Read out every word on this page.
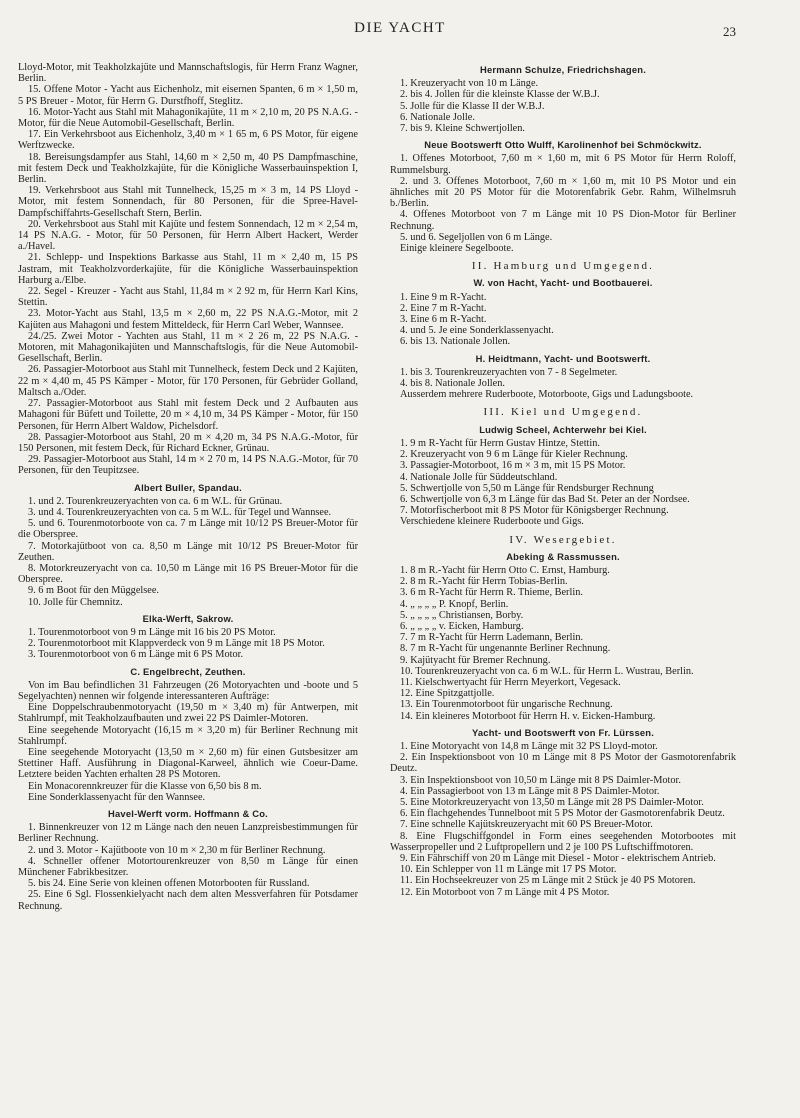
DIE YACHT	23

Lloyd-Motor, mit Teakholzkajüte und Mannschaftslogis, für Herrn Franz Wagner, Berlin.

15. Offene Motor - Yacht aus Eichenholz, mit eisernen Spanten, 6 m × 1,50 m, 5 PS Breuer - Motor, für Herrn G. Durstfhoff, Steglitz.

16. Motor-Yacht aus Stahl mit Mahagonikajüte, 11 m × 2,10 m, 20 PS N.A.G. - Motor, für die Neue Automobil-Gesellschaft, Berlin.

17. Ein Verkehrsboot aus Eichenholz, 3,40 m × 1 65 m, 6 PS Motor, für eigene Werftzwecke.

18. Bereisungsdampfer aus Stahl, 14,60 m × 2,50 m, 40 PS Dampfmaschine, mit festem Deck und Teakholzkajüte, für die Königliche Wasserbauinspektion I, Berlin.

19. Verkehrsboot aus Stahl mit Tunnelheck, 15,25 m × 3 m, 14 PS Lloyd - Motor, mit festem Sonnendach, für 80 Personen, für die Spree-Havel-Dampfschiffahrts-Gesellschaft Stern, Berlin.

20. Verkehrsboot aus Stahl mit Kajüte und festem Sonnendach, 12 m × 2,54 m, 14 PS N.A.G. - Motor, für 50 Personen, für Herrn Albert Hackert, Werder a./Havel.

21. Schlepp- und Inspektions Barkasse aus Stahl, 11 m × 2,40 m, 15 PS Jastram, mit Teakholzvorderkajüte, für die Königliche Wasserbauinspektion Harburg a./Elbe.

22. Segel - Kreuzer - Yacht aus Stahl, 11,84 m × 2 92 m, für Herrn Karl Kins, Stettin.

23. Motor-Yacht aus Stahl, 13,5 m × 2,60 m, 22 PS N.A.G.-Motor, mit 2 Kajüten aus Mahagoni und festem Mitteldeck, für Herrn Carl Weber, Wannsee.

24./25. Zwei Motor - Yachten aus Stahl, 11 m × 2 26 m, 22 PS N.A.G. - Motoren, mit Mahagonikajüten und Mannschaftslogis, für die Neue Automobil-Gesellschaft, Berlin.

26. Passagier-Motorboot aus Stahl mit Tunnelheck, festem Deck und 2 Kajüten, 22 m × 4,40 m, 45 PS Kämper - Motor, für 170 Personen, für Gebrüder Golland, Maltsch a./Oder.

27. Passagier-Motorboot aus Stahl mit festem Deck und 2 Aufbauten aus Mahagoni für Büfett und Toilette, 20 m × 4,10 m, 34 PS Kämper - Motor, für 150 Personen, für Herrn Albert Waldow, Pichelsdorf.

28. Passagier-Motorboot aus Stahl, 20 m × 4,20 m, 34 PS N.A.G.-Motor, für 150 Personen, mit festem Deck, für Richard Eckner, Grünau.

29. Passagier-Motorboot aus Stahl, 14 m × 2 70 m, 14 PS N.A.G.-Motor, für 70 Personen, für den Teupitzsee.

Albert Buller, Spandau.

1. und 2. Tourenkreuzeryachten von ca. 6 m W.L. für Grünau.

3. und 4. Tourenkreuzeryachten von ca. 5 m W.L. für Tegel und Wannsee.

5. und 6. Tourenmotorboote von ca. 7 m Länge mit 10/12 PS Breuer-Motor für die Oberspree.

7. Motorkajütboot von ca. 8,50 m Länge mit 10/12 PS Breuer-Motor für Zeuthen.

8. Motorkreuzeryacht von ca. 10,50 m Länge mit 16 PS Breuer-Motor für die Oberspree.

9. 6 m Boot für den Müggelsee.

10. Jolle für Chemnitz.

Elka-Werft, Sakrow.

1. Tourenmotorboot von 9 m Länge mit 16 bis 20 PS Motor.

2. Tourenmotorboot mit Klappverdeck von 9 m Länge mit 18 PS Motor.

3. Tourenmotorboot von 6 m Länge mit 6 PS Motor.

C. Engelbrecht, Zeuthen.

Von im Bau befindlichen 31 Fahrzeugen (26 Motoryachten und -boote und 5 Segelyachten) nennen wir folgende interessanteren Aufträge:

Eine Doppelschraubenmotoryacht (19,50 m × 3,40 m) für Antwerpen, mit Stahlrumpf, mit Teakholzaufbauten und zwei 22 PS Daimler-Motoren.

Eine seegehende Motoryacht (16,15 m × 3,20 m) für Berliner Rechnung mit Stahlrumpf.

Eine seegehende Motoryacht (13,50 m × 2,60 m) für einen Gutsbesitzer am Stettiner Haff. Ausführung in Diagonal-Karweel, ähnlich wie Coeur-Dame. Letztere beiden Yachten erhalten 28 PS Motoren.

Ein Monacorennkreuzer für die Klasse von 6,50 bis 8 m.

Eine Sonderklassenyacht für den Wannsee.

Havel-Werft vorm. Hoffmann & Co.

1. Binnenkreuzer von 12 m Länge nach den neuen Lanzpreisbestimmungen für Berliner Rechnung.

2. und 3. Motor - Kajütboote von 10 m × 2,30 m für Berliner Rechnung.

4. Schneller offener Motortourenkreuzer von 8,50 m Länge für einen Münchener Fabrikbesitzer.

5. bis 24. Eine Serie von kleinen offenen Motorbooten für Russland.

25. Eine 6 Sgl. Flossenkielyacht nach dem alten Messverfahren für Potsdamer Rechnung.

Hermann Schulze, Friedrichshagen.

1. Kreuzeryacht von 10 m Länge.

2. bis 4. Jollen für die kleinste Klasse der W.B.J.

5. Jolle für die Klasse II der W.B.J.

6. Nationale Jolle.

7. bis 9. Kleine Schwertjollen.

Neue Bootswerft Otto Wulff, Karolinenhof bei Schmöckwitz.

1. Offenes Motorboot, 7,60 m × 1,60 m, mit 6 PS Motor für Herrn Roloff, Rummelsburg.

2. und 3. Offenes Motorboot, 7,60 m × 1,60 m, mit 10 PS Motor und ein ähnliches mit 20 PS Motor für die Motorenfabrik Gebr. Rahm, Wilhelmsruh b./Berlin.

4. Offenes Motorboot von 7 m Länge mit 10 PS Dion-Motor für Berliner Rechnung.

5. und 6. Segeljollen von 6 m Länge.

Einige kleinere Segelboote.

II. Hamburg und Umgegend.
W. von Hacht, Yacht- und Bootbauerei.

1. Eine 9 m R-Yacht.

2. Eine 7 m R-Yacht.

3. Eine 6 m R-Yacht.

4. und 5. Je eine Sonderklassenyacht.

6. bis 13. Nationale Jollen.

H. Heidtmann, Yacht- und Bootswerft.

1. bis 3. Tourenkreuzeryachten von 7 - 8 Segelmeter.

4. bis 8. Nationale Jollen.

Ausserdem mehrere Ruderboote, Motorboote, Gigs und Ladungsboote.

III. Kiel und Umgegend.
Ludwig Scheel, Achterwehr bei Kiel.

1. 9 m R-Yacht für Herrn Gustav Hintze, Stettin.

2. Kreuzeryacht von 9 6 m Länge für Kieler Rechnung.

3. Passagier-Motorboot, 16 m × 3 m, mit 15 PS Motor.

4. Nationale Jolle für Süddeutschland.

5. Schwertjolle von 5,50 m Länge für Rendsburger Rechnung

6. Schwertjolle von 6,3 m Länge für das Bad St. Peter an der Nordsee.

7. Motorfischerboot mit 8 PS Motor für Königsberger Rechnung.

Verschiedene kleinere Ruderboote und Gigs.

IV. Wesergebiet.
Abeking & Rassmussen.

1. 8 m R.-Yacht für Herrn Otto C. Ernst, Hamburg.

2. 8 m R.-Yacht für Herrn Tobias-Berlin.

3. 6 m R-Yacht für Herrn R. Thieme, Berlin.

4. „ „ „ „ P. Knopf, Berlin.

5. „ „ „ „ Christiansen, Borby.

6. „ „ „ „ v. Eicken, Hamburg.

7. 7 m R-Yacht für Herrn Lademann, Berlin.

8. 7 m R-Yacht für ungenannte Berliner Rechnung.

9. Kajütyacht für Bremer Rechnung.

10. Tourenkreuzeryacht von ca. 6 m W.L. für Herrn L. Wustrau, Berlin.

11. Kielschwertyacht für Herrn Meyerkort, Vegesack.

12. Eine Spitzgattjolle.

13. Ein Tourenmotorboot für ungarische Rechnung.

14. Ein kleineres Motorboot für Herrn H. v. Eicken-Hamburg.

Yacht- und Bootswerft von Fr. Lürssen.

1. Eine Motoryacht von 14,8 m Länge mit 32 PS Lloyd-motor.

2. Ein Inspektionsboot von 10 m Länge mit 8 PS Motor der Gasmotorenfabrik Deutz.

3. Ein Inspektionsboot von 10,50 m Länge mit 8 PS Daimler-Motor.

4. Ein Passagierboot von 13 m Länge mit 8 PS Daimler-Motor.

5. Eine Motorkreuzeryacht von 13,50 m Länge mit 28 PS Daimler-Motor.

6. Ein flachgehendes Tunnelboot mit 5 PS Motor der Gasmotorenfabrik Deutz.

7. Eine schnelle Kajütskreuzeryacht mit 60 PS Breuer-Motor.

8. Eine Flugschiffgondel in Form eines seegehenden Motorbootes mit Wasserpropeller und 2 Luftpropellern und 2 je 100 PS Luftschiffmotoren.

9. Ein Fährschiff von 20 m Länge mit Diesel - Motor - elektrischem Antrieb.

10. Ein Schlepper von 11 m Länge mit 17 PS Motor.

11. Ein Hochseekreuzer von 25 m Länge mit 2 Stück je 40 PS Motoren.

12. Ein Motorboot von 7 m Länge mit 4 PS Motor.
